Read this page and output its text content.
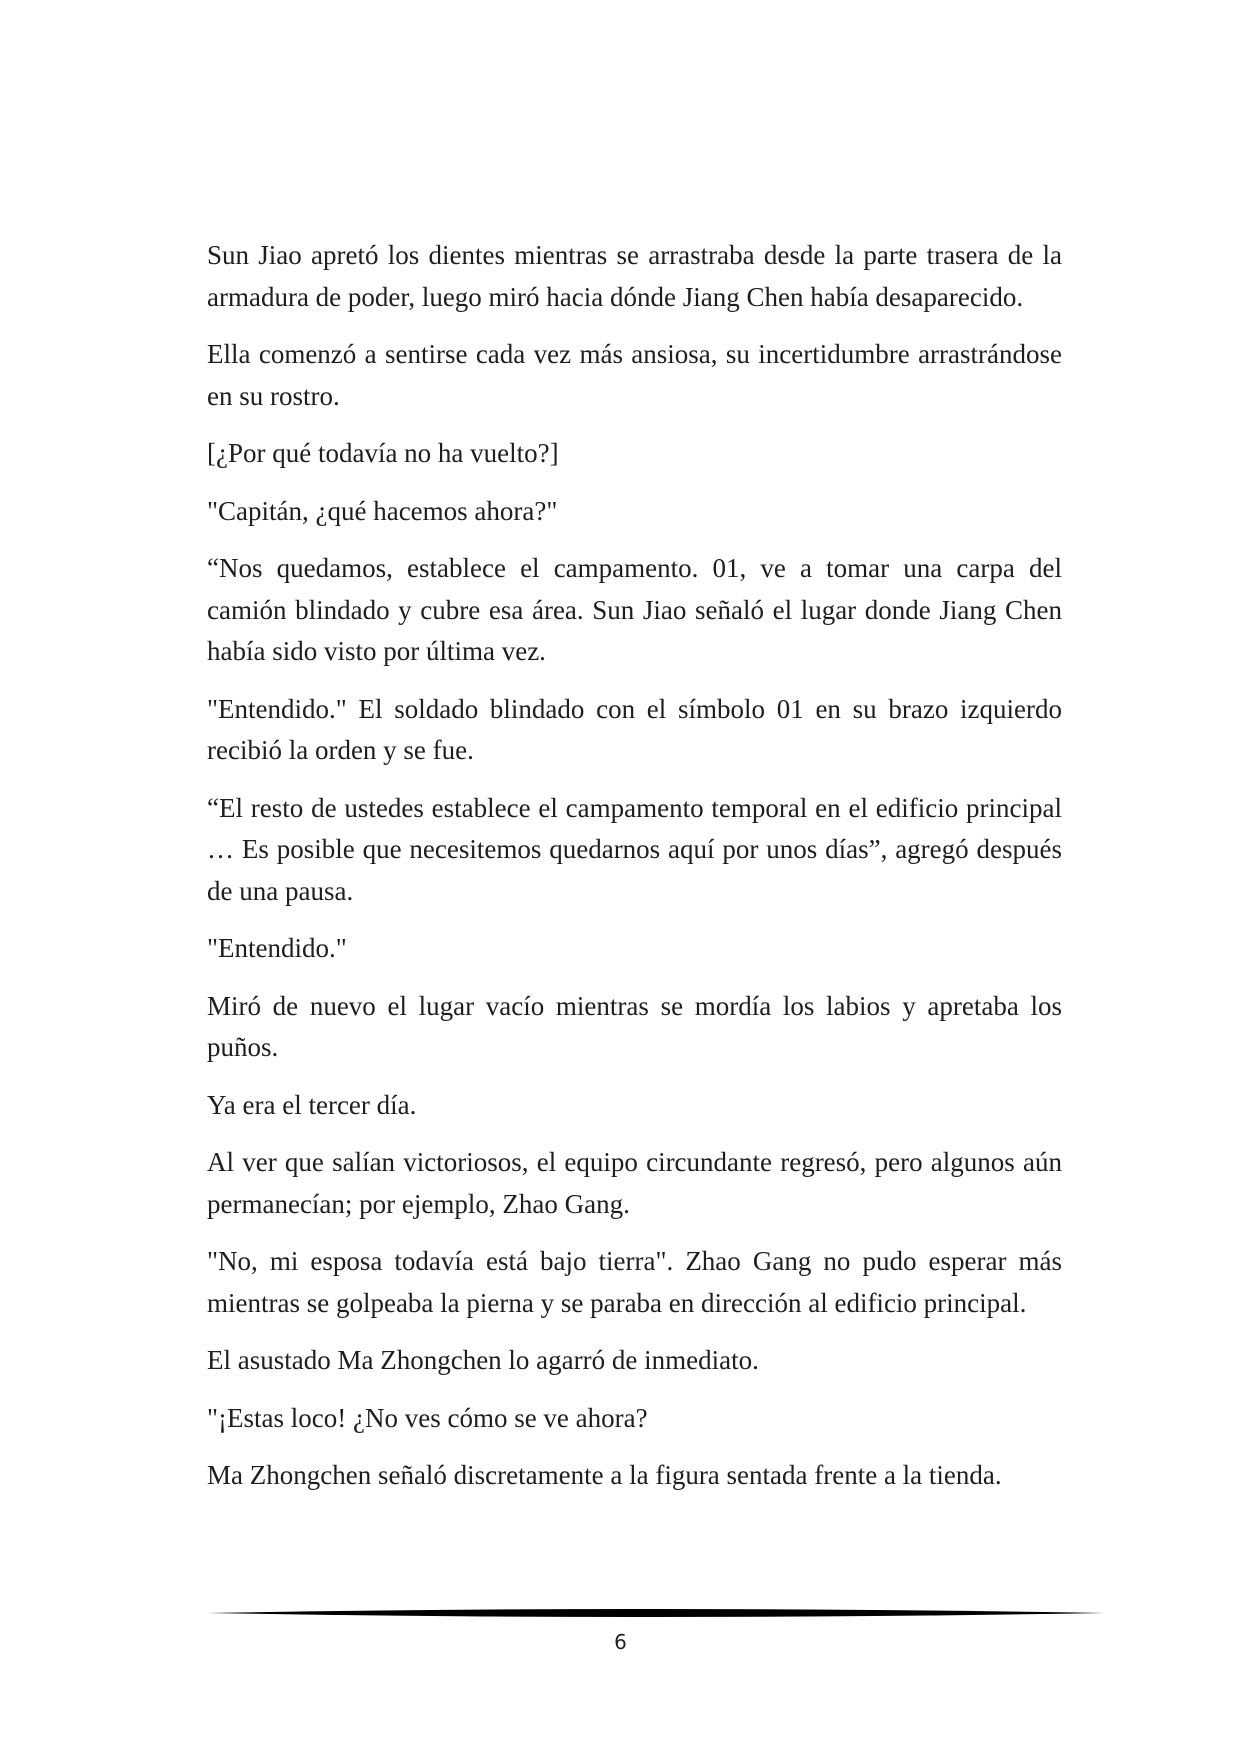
Sun Jiao apretó los dientes mientras se arrastraba desde la parte trasera de la armadura de poder, luego miró hacia dónde Jiang Chen había desaparecido.

Ella comenzó a sentirse cada vez más ansiosa, su incertidumbre arrastrándose en su rostro.

[¿Por qué todavía no ha vuelto?]

"Capitán, ¿qué hacemos ahora?"

“Nos quedamos, establece el campamento. 01, ve a tomar una carpa del camión blindado y cubre esa área. Sun Jiao señaló el lugar donde Jiang Chen había sido visto por última vez.

"Entendido." El soldado blindado con el símbolo 01 en su brazo izquierdo recibió la orden y se fue.

“El resto de ustedes establece el campamento temporal en el edificio principal … Es posible que necesitemos quedarnos aquí por unos días”, agregó después de una pausa.

"Entendido."

Miró de nuevo el lugar vacío mientras se mordía los labios y apretaba los puños.

Ya era el tercer día.

Al ver que salían victoriosos, el equipo circundante regresó, pero algunos aún permanecían; por ejemplo, Zhao Gang.

"No, mi esposa todavía está bajo tierra". Zhao Gang no pudo esperar más mientras se golpeaba la pierna y se paraba en dirección al edificio principal.

El asustado Ma Zhongchen lo agarró de inmediato.

"¡Estas loco! ¿No ves cómo se ve ahora?

Ma Zhongchen señaló discretamente a la figura sentada frente a la tienda.

6
